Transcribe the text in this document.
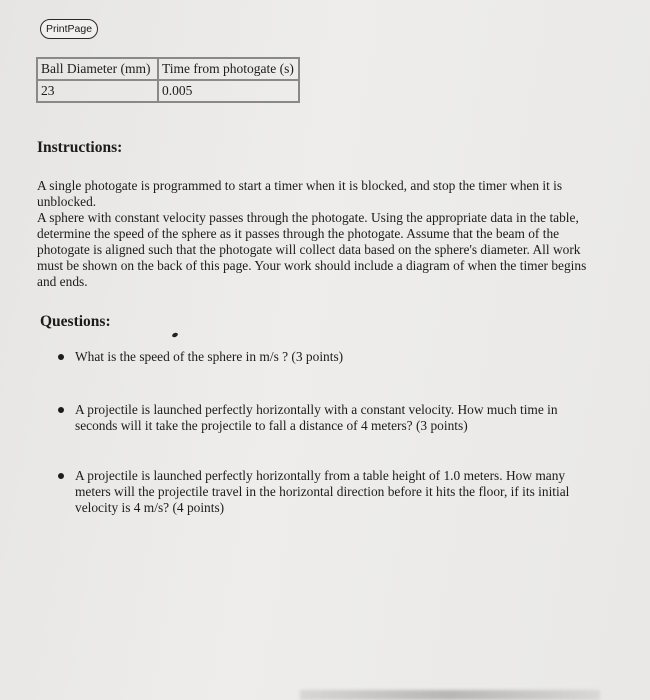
PrintPage
Ball Diameter (mm)	Time from photogate (s)
23	0.005
Instructions:

A single photogate is programmed to start a timer when it is blocked, and stop the timer when it is unblocked.

A sphere with constant velocity passes through the photogate. Using the appropriate data in the table, determine the speed of the sphere as it passes through the photogate. Assume that the beam of the photogate is aligned such that the photogate will collect data based on the sphere's diameter. All work must be shown on the back of this page. Your work should include a diagram of when the timer begins and ends.

Questions:
What is the speed of the sphere in m/s ? (3 points)
A projectile is launched perfectly horizontally with a constant velocity. How much time in seconds will it take the projectile to fall a distance of 4 meters? (3 points)
A projectile is launched perfectly horizontally from a table height of 1.0 meters. How many meters will the projectile travel in the horizontal direction before it hits the floor, if its initial velocity is 4 m/s? (4 points)
